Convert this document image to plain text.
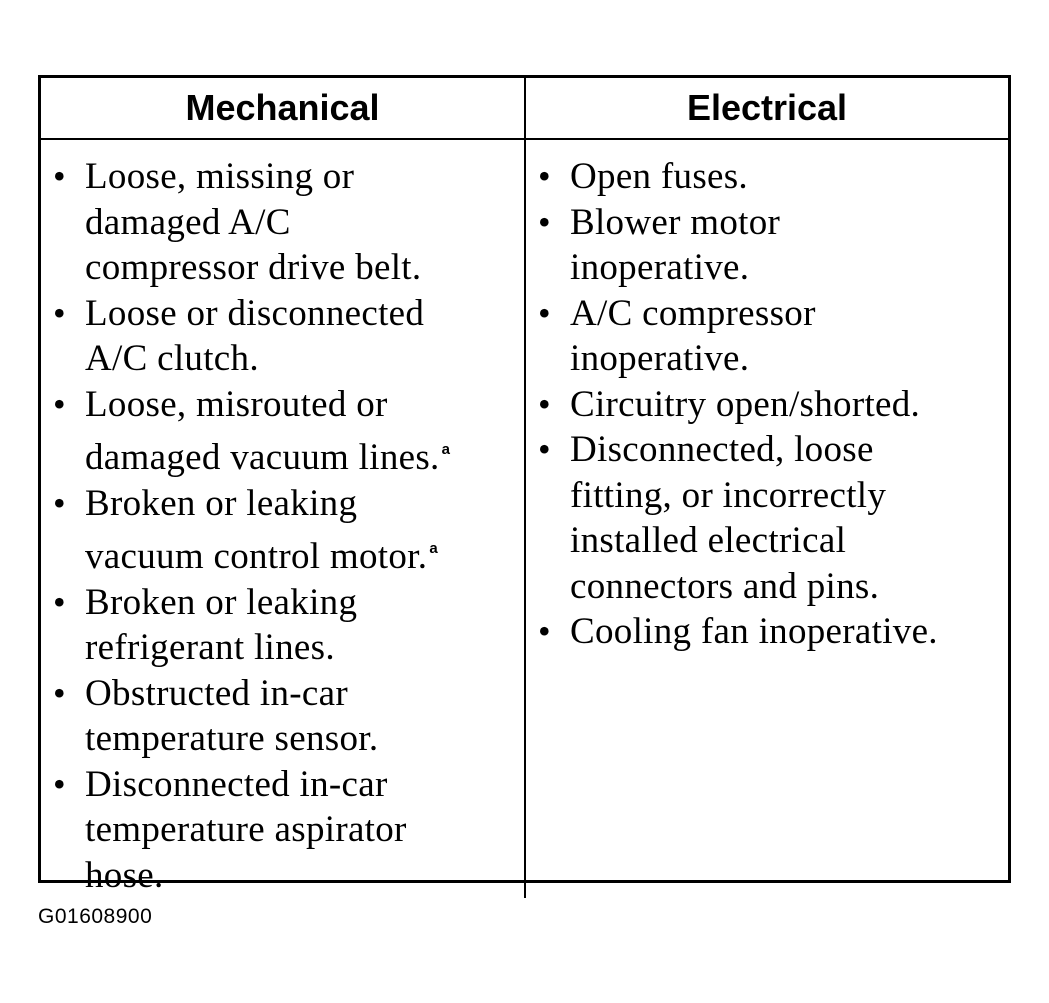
Mechanical	Electrical
• Loose, missing or
damaged A/C
compressor drive belt.
• Loose or disconnected
A/C clutch.
• Loose, misrouted or
damaged vacuum lines. $^a$
• Broken or leaking
vacuum control motor. $^a$
• Broken or leaking
refrigerant lines.
• Obstructed in-car
temperature sensor.
• Disconnected in-car
temperature aspirator
hose.
• Open fuses.
• Blower motor
inoperative.
• A/C compressor
inoperative.
• Circuitry open/shorted.
• Disconnected, loose
fitting, or incorrectly
installed electrical
connectors and pins.
• Cooling fan inoperative.
G01608900
